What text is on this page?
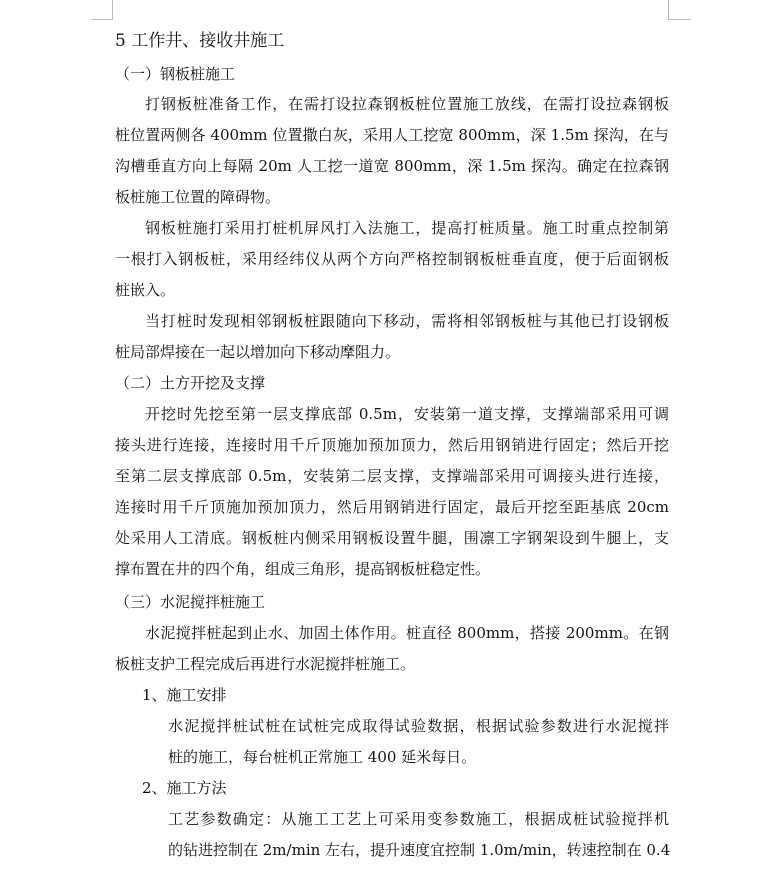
5 工作井、接收井施工
（一）钢板桩施工
打钢板桩准备工作，在需打设拉森钢板桩位置施工放线，在需打设拉森钢板
桩位置两侧各 400mm 位置撒白灰，采用人工挖宽 800mm，深 1.5m 探沟，在与
沟槽垂直方向上每隔 20m 人工挖一道宽 800mm，深 1.5m 探沟。确定在拉森钢
板桩施工位置的障碍物。
钢板桩施打采用打桩机屏风打入法施工，提高打桩质量。施工时重点控制第
一根打入钢板桩，采用经纬仪从两个方向严格控制钢板桩垂直度，便于后面钢板
桩嵌入。
当打桩时发现相邻钢板桩跟随向下移动，需将相邻钢板桩与其他已打设钢板
桩局部焊接在一起以增加向下移动摩阻力。
（二）土方开挖及支撑
开挖时先挖至第一层支撑底部 0.5m，安装第一道支撑，支撑端部采用可调
接头进行连接，连接时用千斤顶施加预加顶力，然后用钢销进行固定；然后开挖
至第二层支撑底部 0.5m，安装第二层支撑，支撑端部采用可调接头进行连接，
连接时用千斤顶施加预加顶力，然后用钢销进行固定，最后开挖至距基底 20cm
处采用人工清底。钢板桩内侧采用钢板设置牛腿，围凛工字钢架设到牛腿上，支
撑布置在井的四个角，组成三角形，提高钢板桩稳定性。
（三）水泥搅拌桩施工
水泥搅拌桩起到止水、加固土体作用。桩直径 800mm，搭接 200mm。在钢
板桩支护工程完成后再进行水泥搅拌桩施工。
1、施工安排
水泥搅拌桩试桩在试桩完成取得试验数据，根据试验参数进行水泥搅拌
桩的施工，每台桩机正常施工 400 延米每日。
2、施工方法
工艺参数确定：从施工工艺上可采用变参数施工，根据成桩试验搅拌机
的钻进控制在 2m/min 左右，提升速度宜控制 1.0m/min，转速控制在 0.4
